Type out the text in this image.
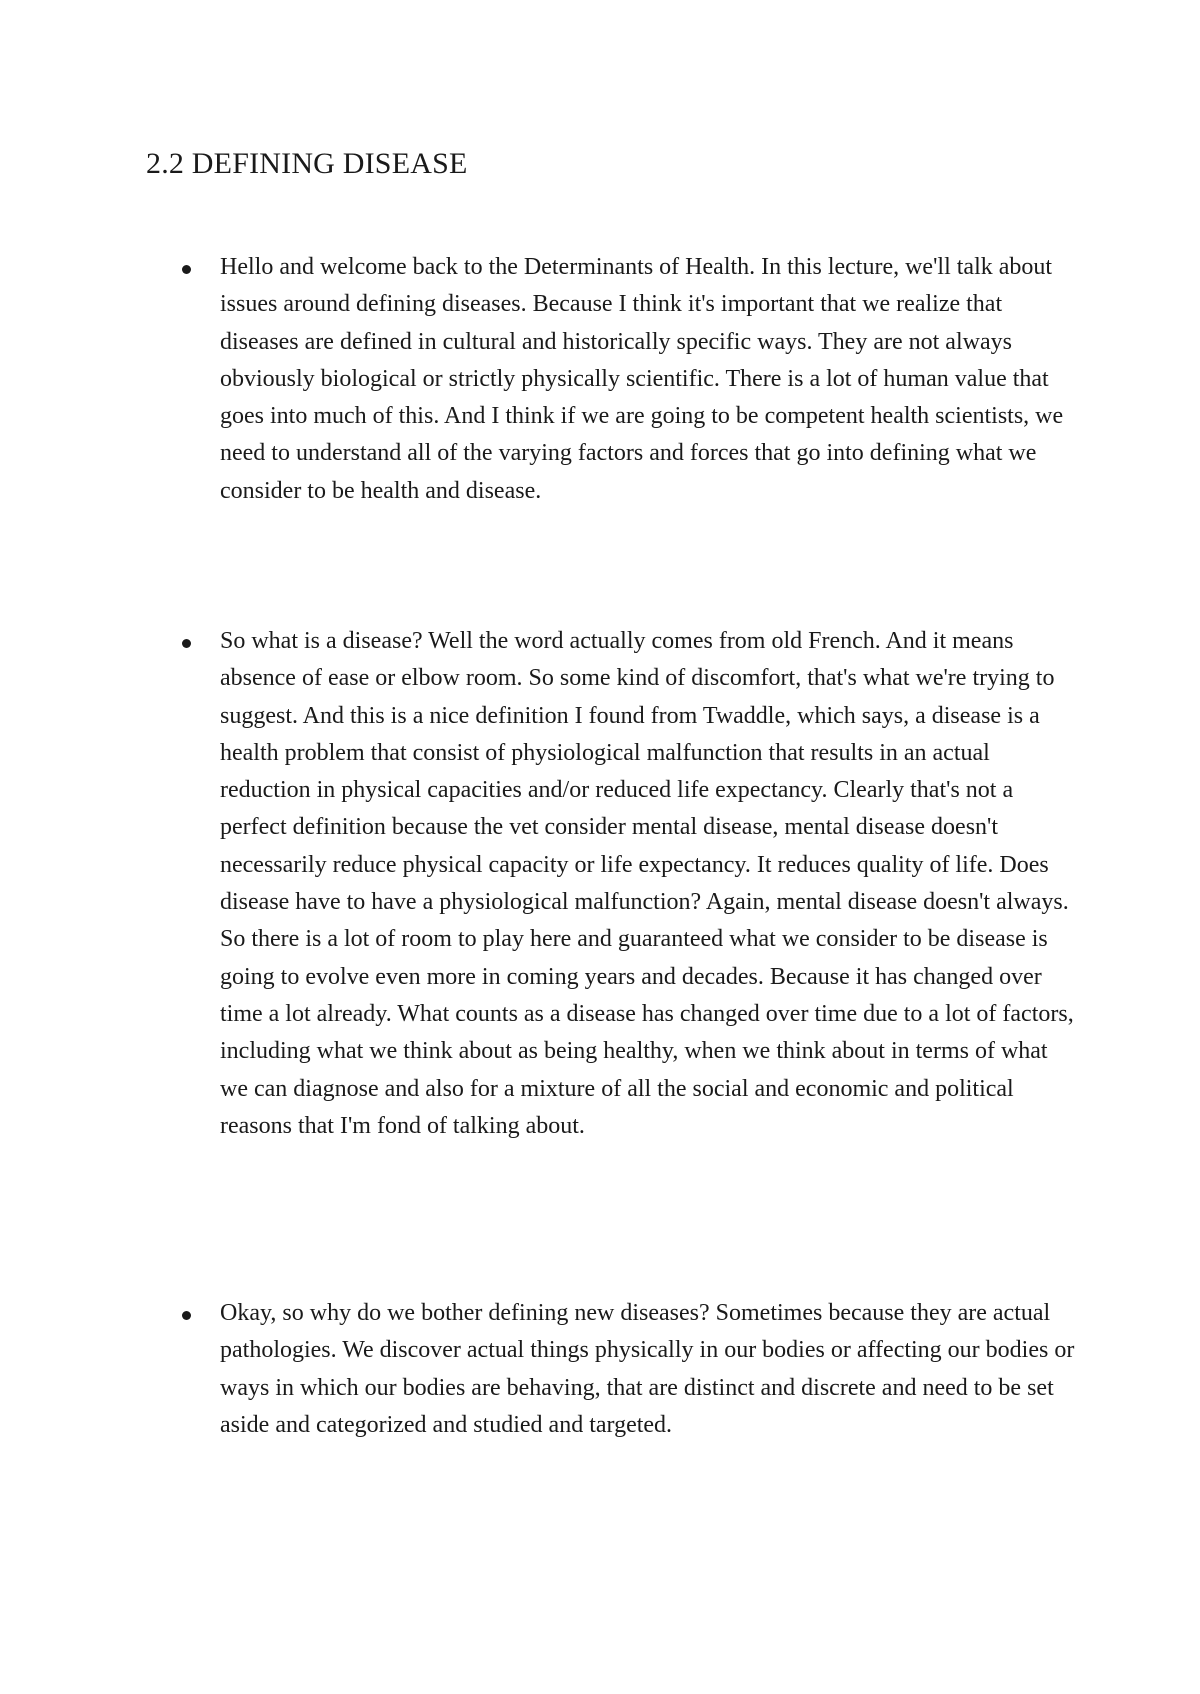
2.2 DEFINING DISEASE

Hello and welcome back to the Determinants of Health. In this lecture, we'll talk about issues around defining diseases. Because I think it's important that we realize that diseases are defined in cultural and historically specific ways. They are not always obviously biological or strictly physically scientific. There is a lot of human value that goes into much of this. And I think if we are going to be competent health scientists, we need to understand all of the varying factors and forces that go into defining what we consider to be health and disease.

So what is a disease? Well the word actually comes from old French. And it means absence of ease or elbow room. So some kind of discomfort, that's what we're trying to suggest. And this is a nice definition I found from Twaddle, which says, a disease is a health problem that consist of physiological malfunction that results in an actual reduction in physical capacities and/or reduced life expectancy. Clearly that's not a perfect definition because the vet consider mental disease, mental disease doesn't necessarily reduce physical capacity or life expectancy. It reduces quality of life. Does disease have to have a physiological malfunction? Again, mental disease doesn't always. So there is a lot of room to play here and guaranteed what we consider to be disease is going to evolve even more in coming years and decades. Because it has changed over time a lot already. What counts as a disease has changed over time due to a lot of factors, including what we think about as being healthy, when we think about in terms of what we can diagnose and also for a mixture of all the social and economic and political reasons that I'm fond of talking about.

Okay, so why do we bother defining new diseases? Sometimes because they are actual pathologies. We discover actual things physically in our bodies or affecting our bodies or ways in which our bodies are behaving, that are distinct and discrete and need to be set aside and categorized and studied and targeted.
